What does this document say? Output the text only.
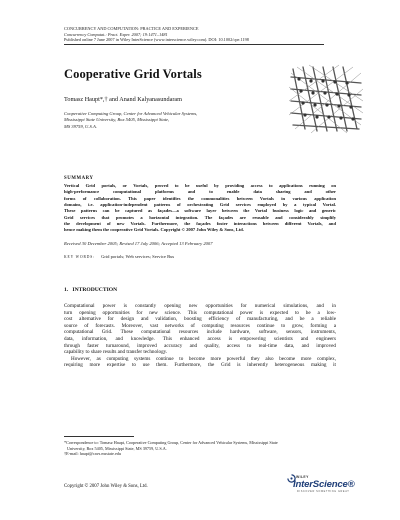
CONCURRENCY AND COMPUTATION: PRACTICE AND EXPERIENCE
Concurrency Computat.: Pract. Exper. 2007; 19:1471–1481
Published online 7 June 2007 in Wiley InterScience (www.interscience.wiley.com). DOI: 10.1002/cpe.1198
Cooperative Grid Vortals
Tomasz Haupt*,† and Anand Kalyanasundaram
Cooperative Computing Group, Center for Advanced Vehicular Systems,
Mississippi State University, Box 5405, Mississippi State,
MS 39759, U.S.A.
SUMMARY
Vertical Grid portals, or Vortals, proved to be useful by providing access to applications running on
high-performance computational platforms and to enable data sharing and other
forms of collaboration. This paper identifies the commonalities between Vortals in various application
domains, i.e. application-independent patterns of orchestrating Grid services employed by a typical Vortal.
These patterns can be captured as façades—a software layer between the Vortal business logic and generic
Grid services that promotes a horizontal integration. The façades are reusable and considerably simplify
the development of new Vortals. Furthermore, the façades foster interactions between different Vortals, and
hence making them the cooperative Grid Vortals. Copyright © 2007 John Wiley & Sons, Ltd.
Received 30 December 2005; Revised 17 July 2006; Accepted 13 February 2007
KEY WORDS: Grid portals; Web services; Service Bus
1.   INTRODUCTION
Computational power is constantly opening new opportunities for numerical simulations, and in
turn opening opportunities for new science. This computational power is expected to be a low-
cost alternative for design and validation, boosting efficiency of manufacturing, and be a reliable
source of forecasts. Moreover, vast networks of computing resources continue to grow, forming a
computational Grid. These computational resources include hardware, software, sensors, instruments,
data, information, and knowledge. This enhanced access is empowering scientists and engineers
through faster turnaround, improved accuracy and quality, access to real-time data, and improved
capability to share results and transfer technology.
However, as computing systems continue to become more powerful they also become more complex,
requiring more expertise to use them. Furthermore, the Grid is inherently heterogeneous making it
*Correspondence to: Tomasz Haupt, Cooperative Computing Group, Center for Advanced Vehicular Systems, Mississippi State
University, Box 5405, Mississippi State, MS 39759, U.S.A.
†E-mail: haupt@cavs.msstate.edu
Copyright © 2007 John Wiley & Sons, Ltd.
WILEY
InterScience®
DISCOVER SOMETHING GREAT
